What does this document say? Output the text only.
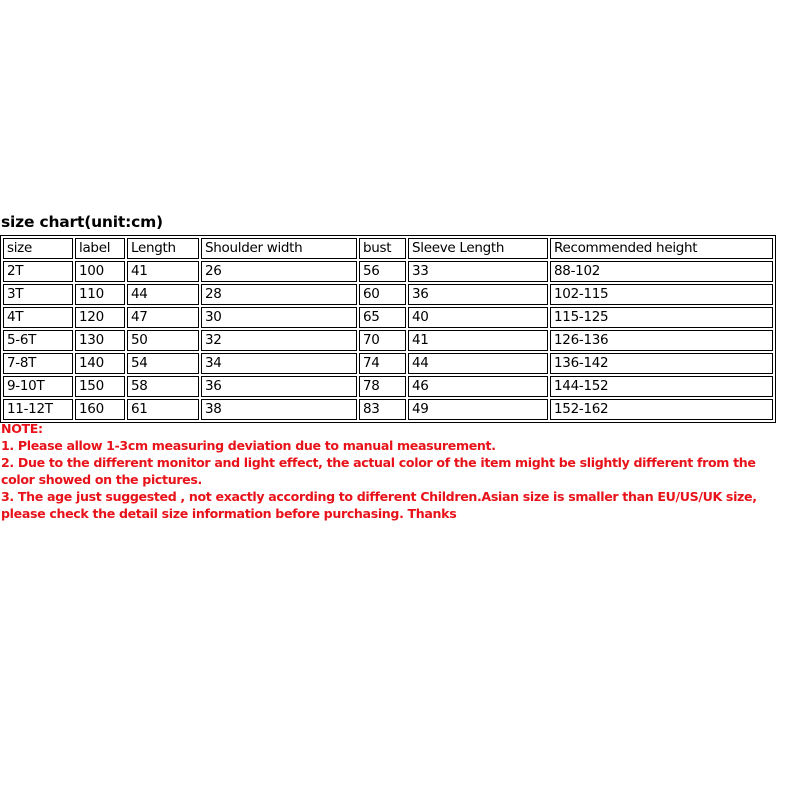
size chart(unit:cm)
size	label	Length	Shoulder width	bust	Sleeve Length	Recommended height
2T	100	41	26	56	33	88-102
3T	110	44	28	60	36	102-115
4T	120	47	30	65	40	115-125
5-6T	130	50	32	70	41	126-136
7-8T	140	54	34	74	44	136-142
9-10T	150	58	36	78	46	144-152
11-12T	160	61	38	83	49	152-162
NOTE:
1. Please allow 1-3cm measuring deviation due to manual measurement.
2. Due to the different monitor and light effect, the actual color of the item might be slightly different from the color showed on the pictures.
3. The age just suggested , not exactly according to different Children.Asian size is smaller than EU/US/UK size, please check the detail size information before purchasing. Thanks
